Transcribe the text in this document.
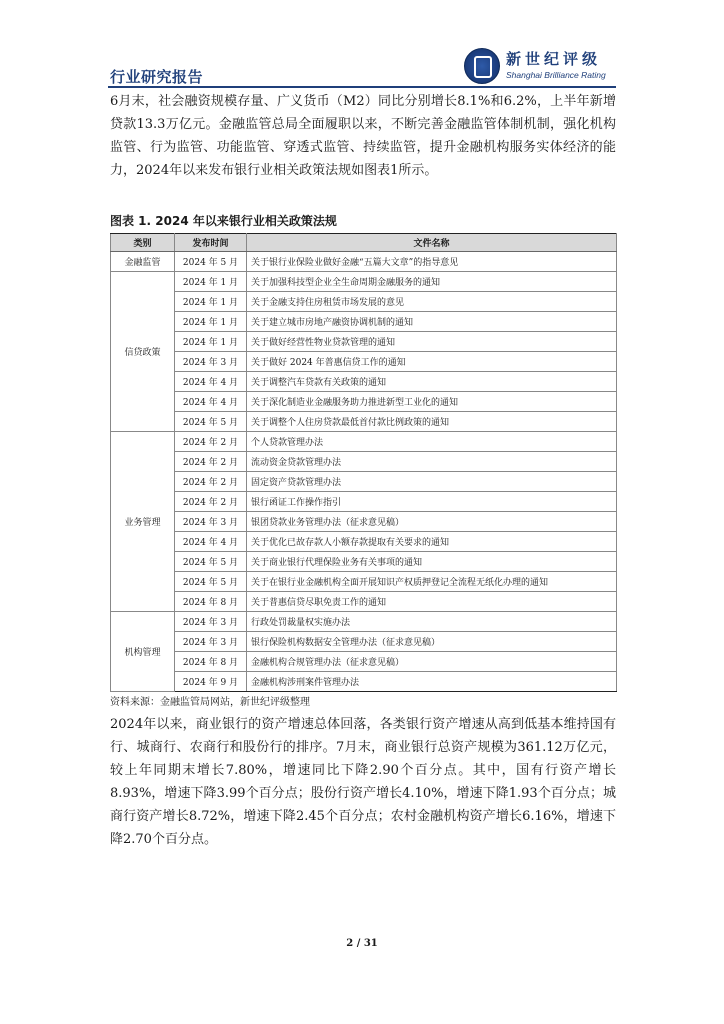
行业研究报告
新世纪评级
Shanghai Brilliance Rating
6月末，社会融资规模存量、广义货币（M2）同比分别增长8.1%和6.2%，上半年新增贷款13.3万亿元。金融监管总局全面履职以来，不断完善金融监管体制机制，强化机构监管、行为监管、功能监管、穿透式监管、持续监管，提升金融机构服务实体经济的能力，2024年以来发布银行业相关政策法规如图表1所示。
图表 1. 2024 年以来银行业相关政策法规
类别	发布时间	文件名称
金融监管	2024 年 5 月	关于银行业保险业做好金融“五篇大文章”的指导意见
信贷政策	2024 年 1 月	关于加强科技型企业全生命周期金融服务的通知
	2024 年 1 月	关于金融支持住房租赁市场发展的意见
	2024 年 1 月	关于建立城市房地产融资协调机制的通知
	2024 年 1 月	关于做好经营性物业贷款管理的通知
	2024 年 3 月	关于做好 2024 年普惠信贷工作的通知
	2024 年 4 月	关于调整汽车贷款有关政策的通知
	2024 年 4 月	关于深化制造业金融服务助力推进新型工业化的通知
	2024 年 5 月	关于调整个人住房贷款最低首付款比例政策的通知
业务管理	2024 年 2 月	个人贷款管理办法
	2024 年 2 月	流动资金贷款管理办法
	2024 年 2 月	固定资产贷款管理办法
	2024 年 2 月	银行函证工作操作指引
	2024 年 3 月	银团贷款业务管理办法（征求意见稿）
	2024 年 4 月	关于优化已故存款人小额存款提取有关要求的通知
	2024 年 5 月	关于商业银行代理保险业务有关事项的通知
	2024 年 5 月	关于在银行业金融机构全面开展知识产权质押登记全流程无纸化办理的通知
	2024 年 8 月	关于普惠信贷尽职免责工作的通知
机构管理	2024 年 3 月	行政处罚裁量权实施办法
	2024 年 3 月	银行保险机构数据安全管理办法（征求意见稿）
	2024 年 8 月	金融机构合规管理办法（征求意见稿）
	2024 年 9 月	金融机构涉刑案件管理办法
资料来源：金融监管局网站，新世纪评级整理
2024年以来，商业银行的资产增速总体回落，各类银行资产增速从高到低基本维持国有行、城商行、农商行和股份行的排序。7月末，商业银行总资产规模为361.12万亿元，较上年同期末增长7.80%，增速同比下降2.90个百分点。其中，国有行资产增长8.93%，增速下降3.99个百分点；股份行资产增长4.10%，增速下降1.93个百分点；城商行资产增长8.72%，增速下降2.45个百分点；农村金融机构资产增长6.16%，增速下降2.70个百分点。
2 / 31
